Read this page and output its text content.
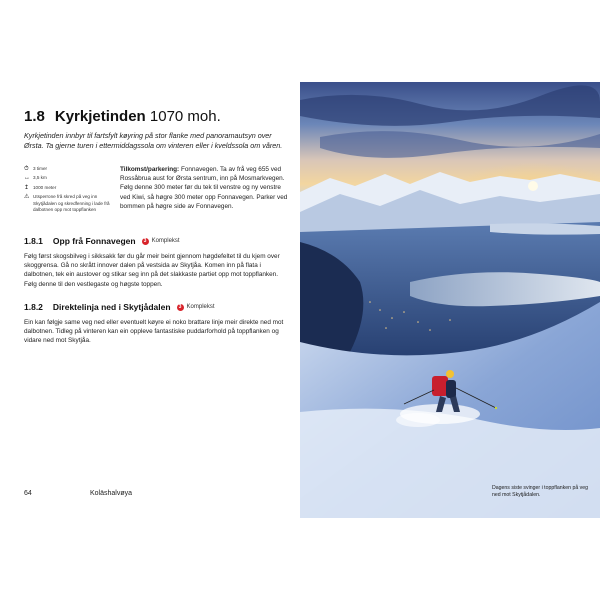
1.8 Kyrkjetinden 1070 moh.
Kyrkjetinden innbyr til fartsfylt køyring på stor flanke med panoramautsyn over Ørsta. Ta gjerne turen i ettermiddagssola om vinteren eller i kveldssola om våren.
⏱ 3 timer
↔ 3,5 km
↥ 1000 meter
⚠ Utsperrone frå skred på veg inn Skytjådalen og skredfenning i lade frå dalbotnen opp mot toppflanken
Tilkomst/parkering: Fonnavegen. Ta av frå veg 655 ved Rossåbrua aust for Ørsta sentrum, inn på Mosmarkvegen. Følg denne 300 meter før du tek til venstre og ny venstre ved Kiwi, så høgre 300 meter opp Fonnavegen. Parker ved bommen på høgre side av Fonnavegen.
1.8.1 Opp frå Fonnavegen	3 Komplekst
Følg først skogsbilveg i sikksakk før du går meir beint gjennom høgdefeltet til du kjem over skoggrensa. Gå no skrått innover dalen på vestsida av Skytjåa. Komen inn på flata i dalbotnen, tek ein austover og stikar seg inn på det slakkaste partiet opp mot toppflanken. Følg denne til den vestlegaste og høgste toppen.
1.8.2 Direktelinja ned i Skytjådalen	3 Komplekst
Ein kan følgje same veg ned eller eventuelt køyre ei noko brattare linje meir direkte ned mot dalbotnen. Tidleg på vinteren kan ein oppleve fantastiske puddarforhold på toppflanken og vidare ned mot Skytjåa.
64	Koläshalvøya
Dagens siste svinger i toppflanken på veg ned mot Skytjådalen.
